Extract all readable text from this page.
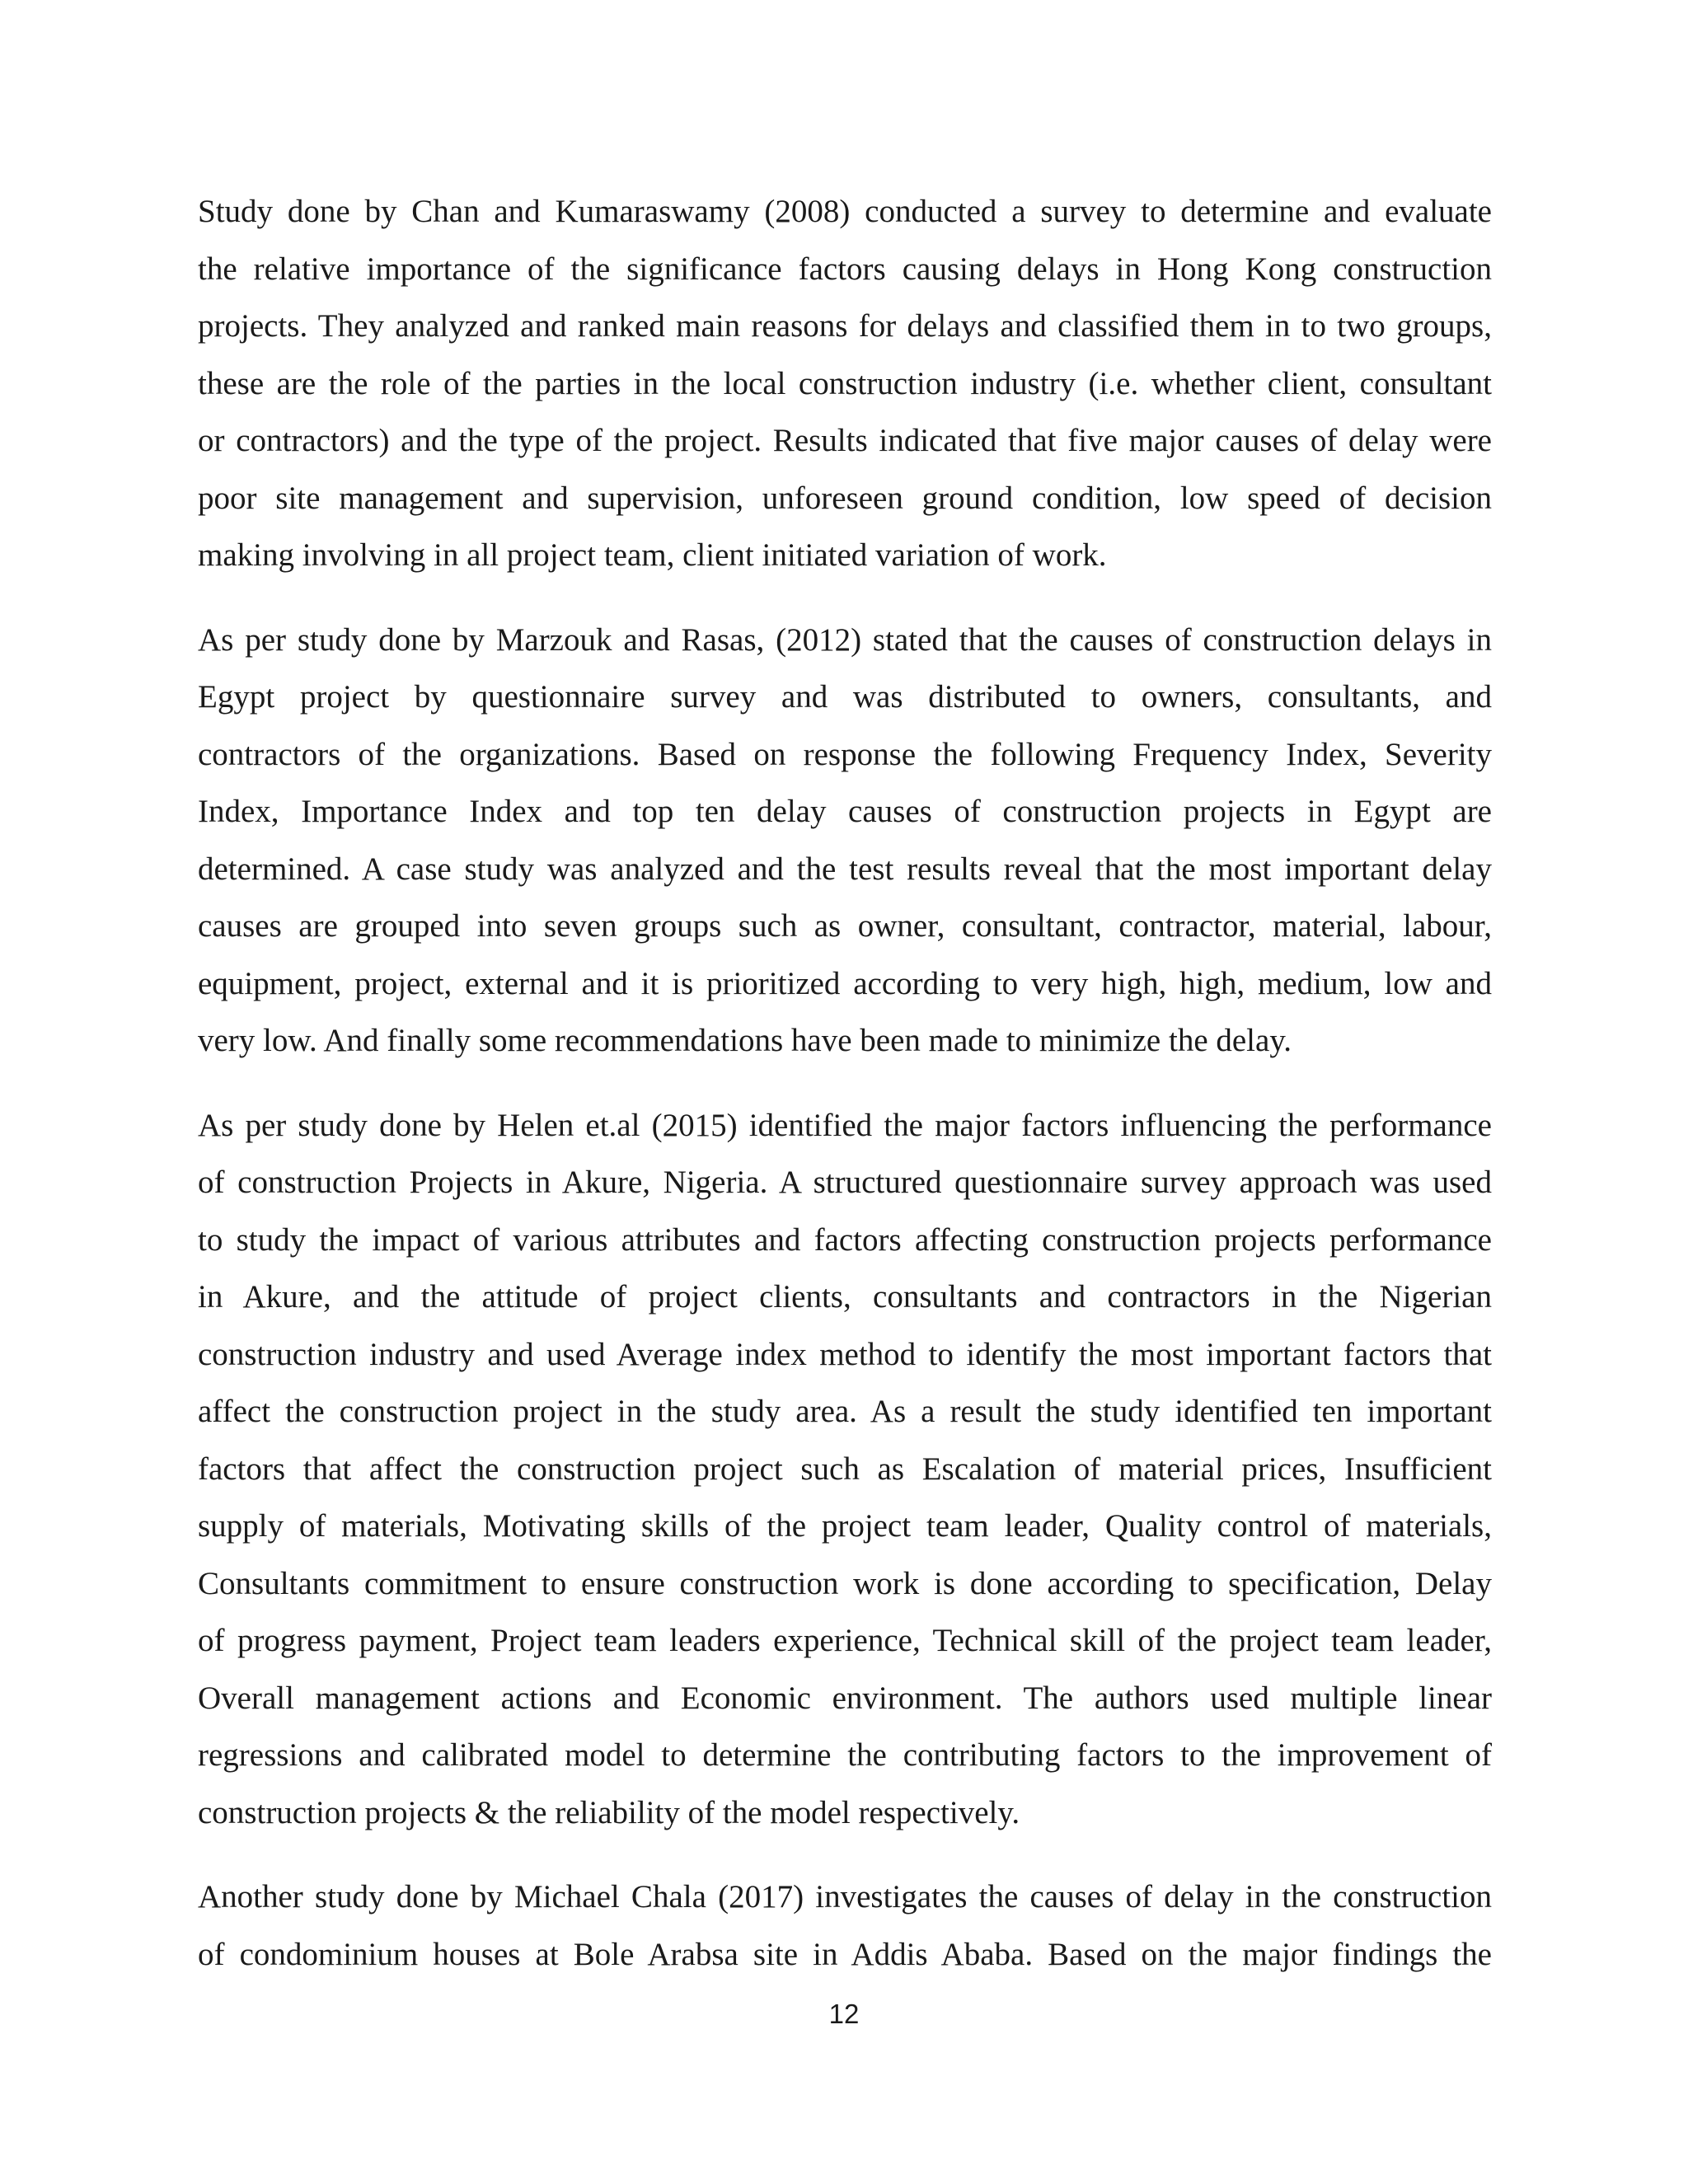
Study done by Chan and Kumaraswamy (2008) conducted a survey to determine and evaluate
the relative importance of the significance factors causing delays in Hong Kong construction
projects. They analyzed and ranked main reasons for delays and classified them in to two groups,
these are the role of the parties in the local construction industry (i.e. whether client, consultant
or contractors) and the type of the project. Results indicated that five major causes of delay were
poor site management and supervision, unforeseen ground condition, low speed of decision
making involving in all project team, client initiated variation of work.

As per study done by Marzouk and Rasas, (2012) stated that the causes of construction delays in
Egypt project by questionnaire survey and was distributed to owners, consultants, and
contractors of the organizations. Based on response the following Frequency Index, Severity
Index, Importance Index and top ten delay causes of construction projects in Egypt are
determined. A case study was analyzed and the test results reveal that the most important delay
causes are grouped into seven groups such as owner, consultant, contractor, material, labour,
equipment, project, external and it is prioritized according to very high, high, medium, low and
very low. And finally some recommendations have been made to minimize the delay.

As per study done by Helen et.al (2015) identified the major factors influencing the performance
of construction Projects in Akure, Nigeria. A structured questionnaire survey approach was used
to study the impact of various attributes and factors affecting construction projects performance
in Akure, and the attitude of project clients, consultants and contractors in the Nigerian
construction industry and used Average index method to identify the most important factors that
affect the construction project in the study area. As a result the study identified ten important
factors that affect the construction project such as Escalation of material prices, Insufficient
supply of materials, Motivating skills of the project team leader, Quality control of materials,
Consultants commitment to ensure construction work is done according to specification, Delay
of progress payment, Project team leaders experience, Technical skill of the project team leader,
Overall management actions and Economic environment. The authors used multiple linear
regressions and calibrated model to determine the contributing factors to the improvement of
construction projects & the reliability of the model respectively.

Another study done by Michael Chala (2017) investigates the causes of delay in the construction
of condominium houses at Bole Arabsa site in Addis Ababa. Based on the major findings the

12
